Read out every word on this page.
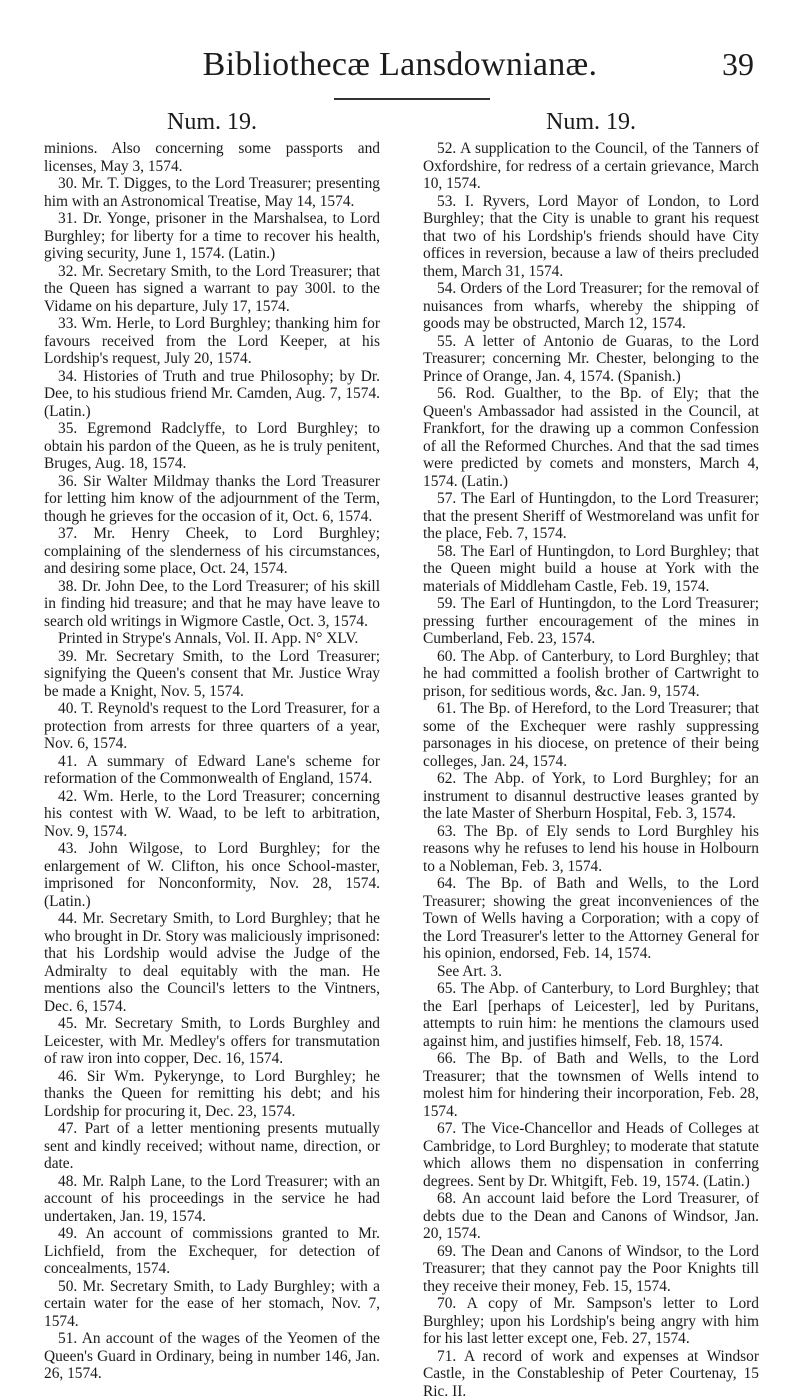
Bibliothecæ Lansdownianæ.	39
Num. 19.

minions. Also concerning some passports and licenses, May 3, 1574.

30. Mr. T. Digges, to the Lord Treasurer; presenting him with an Astronomical Treatise, May 14, 1574.

31. Dr. Yonge, prisoner in the Marshalsea, to Lord Burghley; for liberty for a time to recover his health, giving security, June 1, 1574. (Latin.)

32. Mr. Secretary Smith, to the Lord Treasurer; that the Queen has signed a warrant to pay 300l. to the Vidame on his departure, July 17, 1574.

33. Wm. Herle, to Lord Burghley; thanking him for favours received from the Lord Keeper, at his Lordship's request, July 20, 1574.

34. Histories of Truth and true Philosophy; by Dr. Dee, to his studious friend Mr. Camden, Aug. 7, 1574. (Latin.)

35. Egremond Radclyffe, to Lord Burghley; to obtain his pardon of the Queen, as he is truly penitent, Bruges, Aug. 18, 1574.

36. Sir Walter Mildmay thanks the Lord Treasurer for letting him know of the adjournment of the Term, though he grieves for the occasion of it, Oct. 6, 1574.

37. Mr. Henry Cheek, to Lord Burghley; complaining of the slenderness of his circumstances, and desiring some place, Oct. 24, 1574.

38. Dr. John Dee, to the Lord Treasurer; of his skill in finding hid treasure; and that he may have leave to search old writings in Wigmore Castle, Oct. 3, 1574.

Printed in Strype's Annals, Vol. II. App. N° XLV.

39. Mr. Secretary Smith, to the Lord Treasurer; signifying the Queen's consent that Mr. Justice Wray be made a Knight, Nov. 5, 1574.

40. T. Reynold's request to the Lord Treasurer, for a protection from arrests for three quarters of a year, Nov. 6, 1574.

41. A summary of Edward Lane's scheme for reformation of the Commonwealth of England, 1574.

42. Wm. Herle, to the Lord Treasurer; concerning his contest with W. Waad, to be left to arbitration, Nov. 9, 1574.

43. John Wilgose, to Lord Burghley; for the enlargement of W. Clifton, his once School-master, imprisoned for Nonconformity, Nov. 28, 1574. (Latin.)

44. Mr. Secretary Smith, to Lord Burghley; that he who brought in Dr. Story was maliciously imprisoned: that his Lordship would advise the Judge of the Admiralty to deal equitably with the man. He mentions also the Council's letters to the Vintners, Dec. 6, 1574.

45. Mr. Secretary Smith, to Lords Burghley and Leicester, with Mr. Medley's offers for transmutation of raw iron into copper, Dec. 16, 1574.

46. Sir Wm. Pykerynge, to Lord Burghley; he thanks the Queen for remitting his debt; and his Lordship for procuring it, Dec. 23, 1574.

47. Part of a letter mentioning presents mutually sent and kindly received; without name, direction, or date.

48. Mr. Ralph Lane, to the Lord Treasurer; with an account of his proceedings in the service he had undertaken, Jan. 19, 1574.

49. An account of commissions granted to Mr. Lichfield, from the Exchequer, for detection of concealments, 1574.

50. Mr. Secretary Smith, to Lady Burghley; with a certain water for the ease of her stomach, Nov. 7, 1574.

51. An account of the wages of the Yeomen of the Queen's Guard in Ordinary, being in number 146, Jan. 26, 1574.

Num. 19.

52. A supplication to the Council, of the Tanners of Oxfordshire, for redress of a certain grievance, March 10, 1574.

53. I. Ryvers, Lord Mayor of London, to Lord Burghley; that the City is unable to grant his request that two of his Lordship's friends should have City offices in reversion, because a law of theirs precluded them, March 31, 1574.

54. Orders of the Lord Treasurer; for the removal of nuisances from wharfs, whereby the shipping of goods may be obstructed, March 12, 1574.

55. A letter of Antonio de Guaras, to the Lord Treasurer; concerning Mr. Chester, belonging to the Prince of Orange, Jan. 4, 1574. (Spanish.)

56. Rod. Gualther, to the Bp. of Ely; that the Queen's Ambassador had assisted in the Council, at Frankfort, for the drawing up a common Confession of all the Reformed Churches. And that the sad times were predicted by comets and monsters, March 4, 1574. (Latin.)

57. The Earl of Huntingdon, to the Lord Treasurer; that the present Sheriff of Westmoreland was unfit for the place, Feb. 7, 1574.

58. The Earl of Huntingdon, to Lord Burghley; that the Queen might build a house at York with the materials of Middleham Castle, Feb. 19, 1574.

59. The Earl of Huntingdon, to the Lord Treasurer; pressing further encouragement of the mines in Cumberland, Feb. 23, 1574.

60. The Abp. of Canterbury, to Lord Burghley; that he had committed a foolish brother of Cartwright to prison, for seditious words, &c. Jan. 9, 1574.

61. The Bp. of Hereford, to the Lord Treasurer; that some of the Exchequer were rashly suppressing parsonages in his diocese, on pretence of their being colleges, Jan. 24, 1574.

62. The Abp. of York, to Lord Burghley; for an instrument to disannul destructive leases granted by the late Master of Sherburn Hospital, Feb. 3, 1574.

63. The Bp. of Ely sends to Lord Burghley his reasons why he refuses to lend his house in Holbourn to a Nobleman, Feb. 3, 1574.

64. The Bp. of Bath and Wells, to the Lord Treasurer; showing the great inconveniences of the Town of Wells having a Corporation; with a copy of the Lord Treasurer's letter to the Attorney General for his opinion, endorsed, Feb. 14, 1574.

See Art. 3.

65. The Abp. of Canterbury, to Lord Burghley; that the Earl [perhaps of Leicester], led by Puritans, attempts to ruin him: he mentions the clamours used against him, and justifies himself, Feb. 18, 1574.

66. The Bp. of Bath and Wells, to the Lord Treasurer; that the townsmen of Wells intend to molest him for hindering their incorporation, Feb. 28, 1574.

67. The Vice-Chancellor and Heads of Colleges at Cambridge, to Lord Burghley; to moderate that statute which allows them no dispensation in conferring degrees. Sent by Dr. Whitgift, Feb. 19, 1574. (Latin.)

68. An account laid before the Lord Treasurer, of debts due to the Dean and Canons of Windsor, Jan. 20, 1574.

69. The Dean and Canons of Windsor, to the Lord Treasurer; that they cannot pay the Poor Knights till they receive their money, Feb. 15, 1574.

70. A copy of Mr. Sampson's letter to Lord Burghley; upon his Lordship's being angry with him for his last letter except one, Feb. 27, 1574.

71. A record of work and expenses at Windsor Castle, in the Constableship of Peter Courtenay, 15 Ric. II.
